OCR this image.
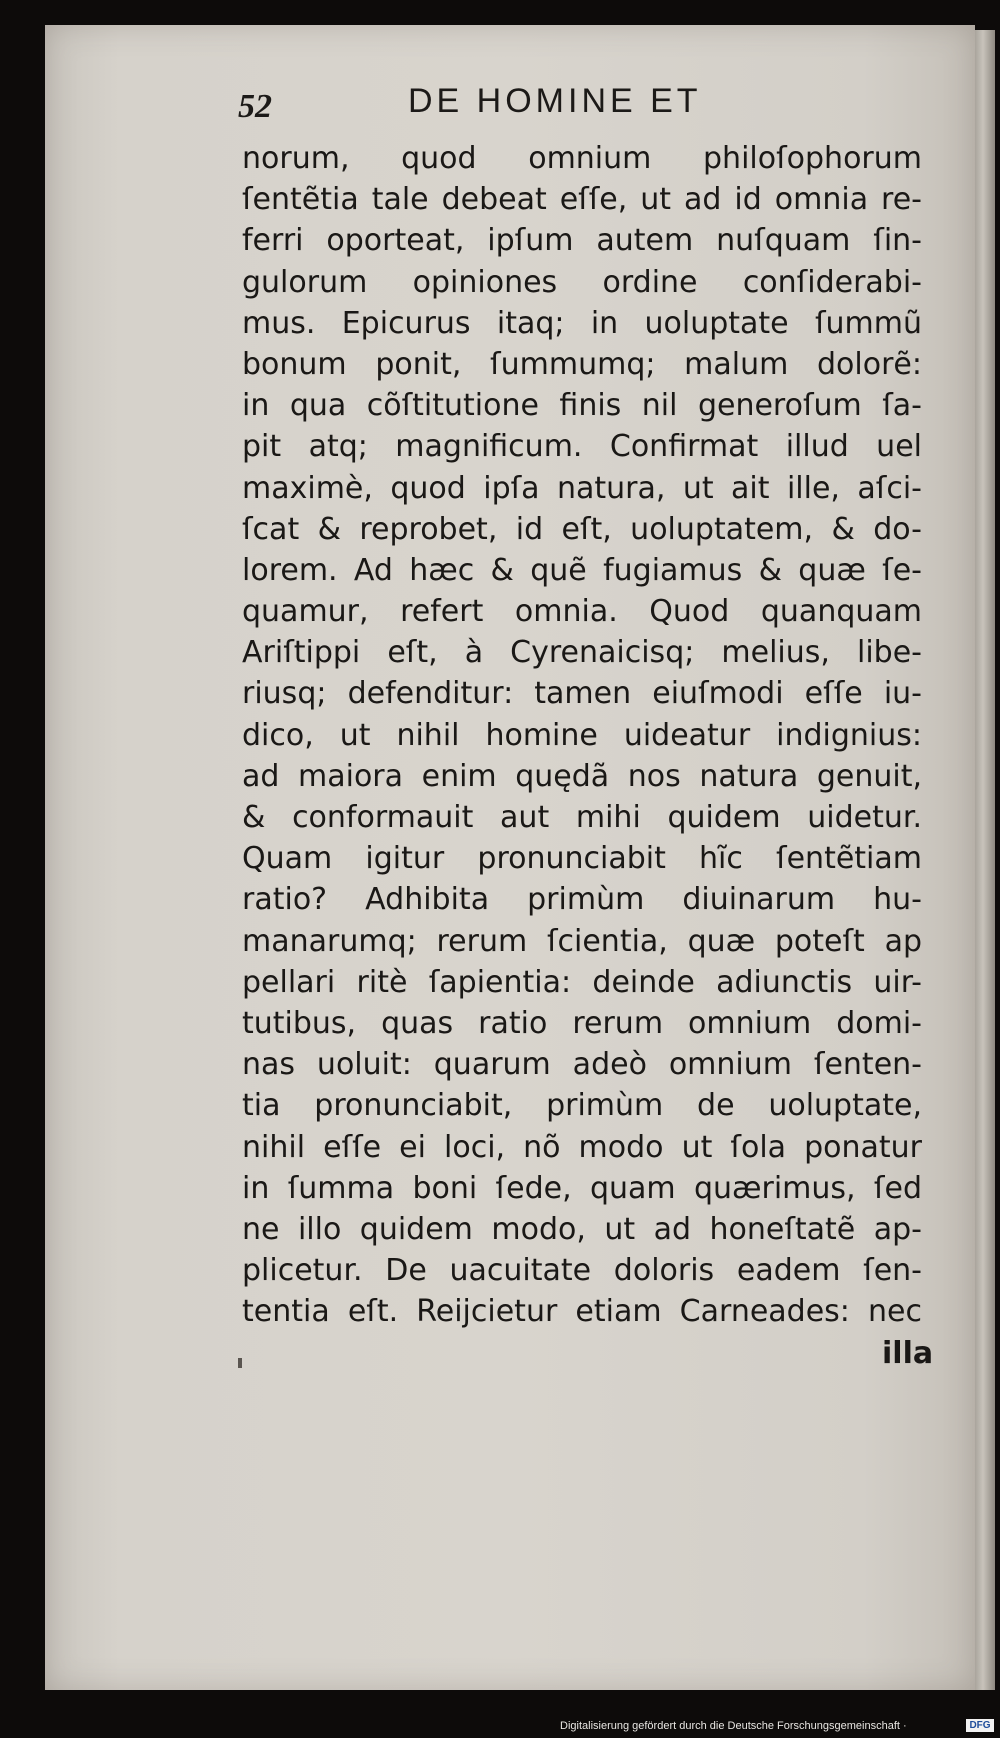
52	DE HOMINE ET
norum, quod omnium philoſophorum
ſentẽtia tale debeat eſſe, ut ad id omnia re-
ferri oporteat, ipſum autem nuſquam ſin-
gulorum opiniones ordine conſiderabi-
mus. Epicurus itaq; in uoluptate ſummũ
bonum ponit, ſummumq; malum dolorẽ:
in qua cõſtitutione finis nil generoſum ſa-
pit atq; magnificum. Confirmat illud uel
maximè, quod ipſa natura, ut ait ille, aſci-
ſcat & reprobet, id eſt, uoluptatem, & do-
lorem. Ad hæc & quẽ fugiamus & quæ ſe-
quamur, refert omnia. Quod quanquam
Ariſtippi eſt, à Cyrenaicisq; melius, libe-
riusq; defenditur: tamen eiuſmodi eſſe iu-
dico, ut nihil homine uideatur indignius:
ad maiora enim quędã nos natura genuit,
& conformauit aut mihi quidem uidetur.
Quam igitur pronunciabit hĩc ſentẽtiam
ratio? Adhibita primùm diuinarum hu-
manarumq; rerum ſcientia, quæ poteſt ap
pellari ritè ſapientia: deinde adiunctis uir-
tutibus, quas ratio rerum omnium domi-
nas uoluit: quarum adeò omnium ſenten-
tia pronunciabit, primùm de uoluptate,
nihil eſſe ei loci, nõ modo ut ſola ponatur
in ſumma boni ſede, quam quærimus, ſed
ne illo quidem modo, ut ad honeſtatẽ ap-
plicetur. De uacuitate doloris eadem ſen-
tentia eſt. Reijcietur etiam Carneades: nec
illa
Digitalisierung gefördert durch die Deutsche Forschungsgemeinschaft ·	DFG
